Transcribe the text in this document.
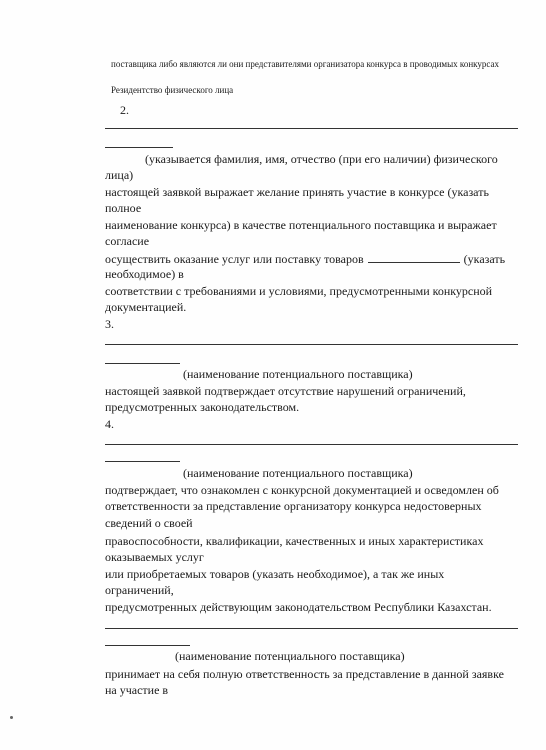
поставщика либо являются ли они представителями организатора конкурса в проводимых конкурсах
Резидентство физического лица
2.
(указывается фамилия, имя, отчество (при его наличии) физического
лица)
настоящей заявкой выражает желание принять участие в конкурсе (указать
полное
наименование конкурса) в качестве потенциального поставщика и выражает
согласие
осуществить оказание услуг или поставку товаров	(указать
необходимое) в
соответствии с требованиями и условиями, предусмотренными конкурсной
документацией.
3.
(наименование потенциального поставщика)
настоящей заявкой подтверждает отсутствие нарушений ограничений,
предусмотренных законодательством.
4.
(наименование потенциального поставщика)
подтверждает, что ознакомлен с конкурсной документацией и осведомлен об
ответственности за представление организатору конкурса недостоверных
сведений о своей
правоспособности, квалификации, качественных и иных характеристиках
оказываемых услуг
или приобретаемых товаров (указать необходимое), а так же иных
ограничений,
предусмотренных действующим законодательством Республики Казахстан.
(наименование потенциального поставщика)
принимает на себя полную ответственность за представление в данной заявке
на участие в
